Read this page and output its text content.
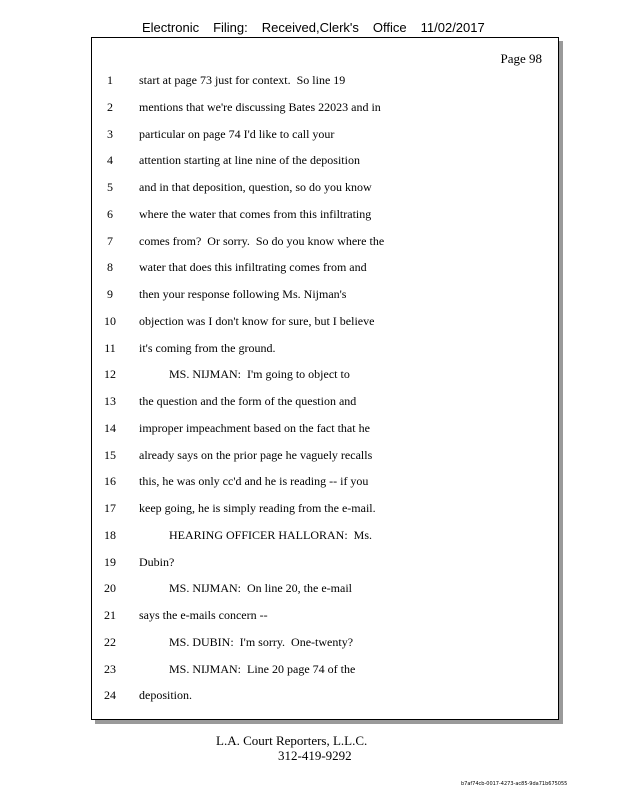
Electronic Filing: Received,Clerk's Office 11/02/2017
Page 98
1	start at page 73 just for context.  So line 19
2	mentions that we're discussing Bates 22023 and in
3	particular on page 74 I'd like to call your
4	attention starting at line nine of the deposition
5	and in that deposition, question, so do you know
6	where the water that comes from this infiltrating
7	comes from?  Or sorry.  So do you know where the
8	water that does this infiltrating comes from and
9	then your response following Ms. Nijman's
10	objection was I don't know for sure, but I believe
11	it's coming from the ground.
12	MS. NIJMAN:  I'm going to object to
13	the question and the form of the question and
14	improper impeachment based on the fact that he
15	already says on the prior page he vaguely recalls
16	this, he was only cc'd and he is reading -- if you
17	keep going, he is simply reading from the e-mail.
18	HEARING OFFICER HALLORAN:  Ms.
19	Dubin?
20	MS. NIJMAN:  On line 20, the e-mail
21	says the e-mails concern --
22	MS. DUBIN:  I'm sorry.  One-twenty?
23	MS. NIJMAN:  Line 20 page 74 of the
24	deposition.
L.A. Court Reporters, L.L.C.
312-419-9292
b7af74cb-0017-4273-ac85-9da71b675055
